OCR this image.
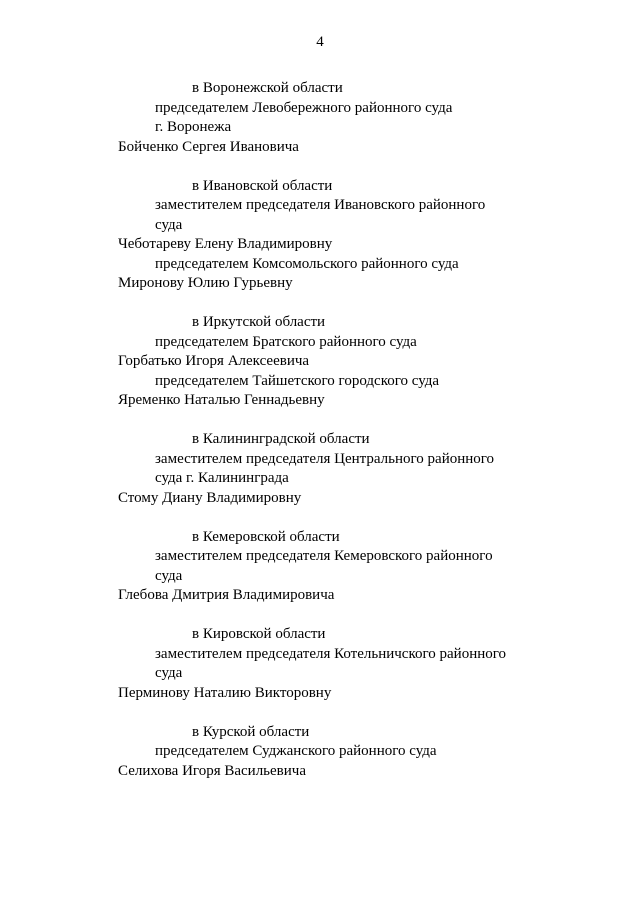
4
в Воронежской области
председателем Левобережного районного суда
г. Воронежа
Бойченко Сергея Ивановича
в Ивановской области
заместителем председателя Ивановского районного
суда
Чеботареву Елену Владимировну
председателем Комсомольского районного суда
Миронову Юлию Гурьевну
в Иркутской области
председателем Братского районного суда
Горбатько Игоря Алексеевича
председателем Тайшетского городского суда
Яременко Наталью Геннадьевну
в Калининградской области
заместителем председателя Центрального районного
суда г. Калининграда
Стому Диану Владимировну
в Кемеровской области
заместителем председателя Кемеровского районного
суда
Глебова Дмитрия Владимировича
в Кировской области
заместителем председателя Котельничского районного
суда
Перминову Наталию Викторовну
в Курской области
председателем Суджанского районного суда
Селихова Игоря Васильевича
